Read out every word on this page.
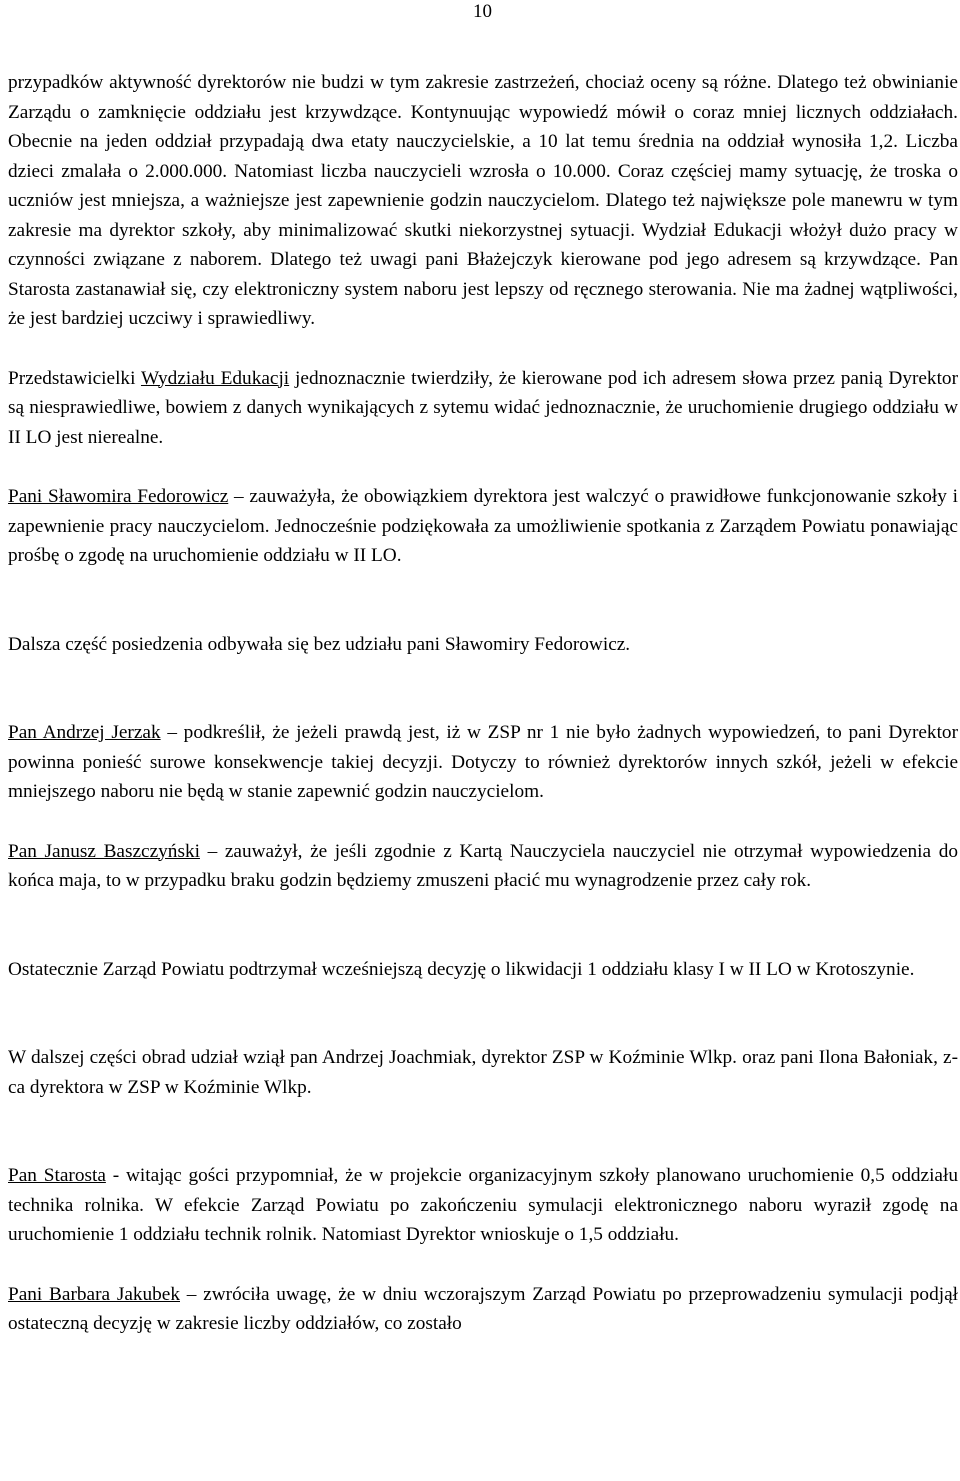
10

przypadków aktywność dyrektorów nie budzi w tym zakresie zastrzeżeń, chociaż oceny są różne. Dlatego też obwinianie Zarządu o zamknięcie oddziału jest krzywdzące. Kontynuując wypowiedź mówił o coraz mniej licznych oddziałach. Obecnie na jeden oddział przypadają dwa etaty nauczycielskie, a 10 lat temu średnia na oddział wynosiła 1,2. Liczba dzieci zmalała o 2.000.000. Natomiast liczba nauczycieli wzrosła o 10.000. Coraz częściej mamy sytuację, że troska o uczniów jest mniejsza, a ważniejsze jest zapewnienie godzin nauczycielom. Dlatego też największe pole manewru w tym zakresie ma dyrektor szkoły, aby minimalizować skutki niekorzystnej sytuacji. Wydział Edukacji włożył dużo pracy w czynności związane z naborem. Dlatego też uwagi pani Błażejczyk kierowane pod jego adresem są krzywdzące. Pan Starosta zastanawiał się, czy elektroniczny system naboru jest lepszy od ręcznego sterowania. Nie ma żadnej wątpliwości, że jest bardziej uczciwy i sprawiedliwy.

Przedstawicielki Wydziału Edukacji jednoznacznie twierdziły, że kierowane pod ich adresem słowa przez panią Dyrektor są niesprawiedliwe, bowiem z danych wynikających z sytemu widać jednoznacznie, że uruchomienie drugiego oddziału w II LO jest nierealne.

Pani Sławomira Fedorowicz – zauważyła, że obowiązkiem dyrektora jest walczyć o prawidłowe funkcjonowanie szkoły i zapewnienie pracy nauczycielom. Jednocześnie podziękowała za umożliwienie spotkania z Zarządem Powiatu ponawiając prośbę o zgodę na uruchomienie oddziału w II LO.

Dalsza część posiedzenia odbywała się bez udziału pani Sławomiry Fedorowicz.

Pan Andrzej Jerzak – podkreślił, że jeżeli prawdą jest, iż w ZSP nr 1 nie było żadnych wypowiedzeń, to pani Dyrektor powinna ponieść surowe konsekwencje takiej decyzji. Dotyczy to również dyrektorów innych szkół, jeżeli w efekcie mniejszego naboru nie będą w stanie zapewnić godzin nauczycielom.

Pan Janusz Baszczyński – zauważył, że jeśli zgodnie z Kartą Nauczyciela nauczyciel nie otrzymał wypowiedzenia do końca maja, to w przypadku braku godzin będziemy zmuszeni płacić mu wynagrodzenie przez cały rok.

Ostatecznie Zarząd Powiatu podtrzymał wcześniejszą decyzję o likwidacji 1 oddziału klasy I w II LO w Krotoszynie.

W dalszej części obrad udział wziął pan Andrzej Joachmiak, dyrektor ZSP w Koźminie Wlkp. oraz pani Ilona Bałoniak, z-ca dyrektora w ZSP w Koźminie Wlkp.

Pan Starosta - witając gości przypomniał, że w projekcie organizacyjnym szkoły planowano uruchomienie 0,5 oddziału technika rolnika. W efekcie Zarząd Powiatu po zakończeniu symulacji elektronicznego naboru wyraził zgodę na uruchomienie 1 oddziału technik rolnik. Natomiast Dyrektor wnioskuje o 1,5 oddziału.

Pani Barbara Jakubek – zwróciła uwagę, że w dniu wczorajszym Zarząd Powiatu po przeprowadzeniu symulacji podjął ostateczną decyzję w zakresie liczby oddziałów, co zostało
